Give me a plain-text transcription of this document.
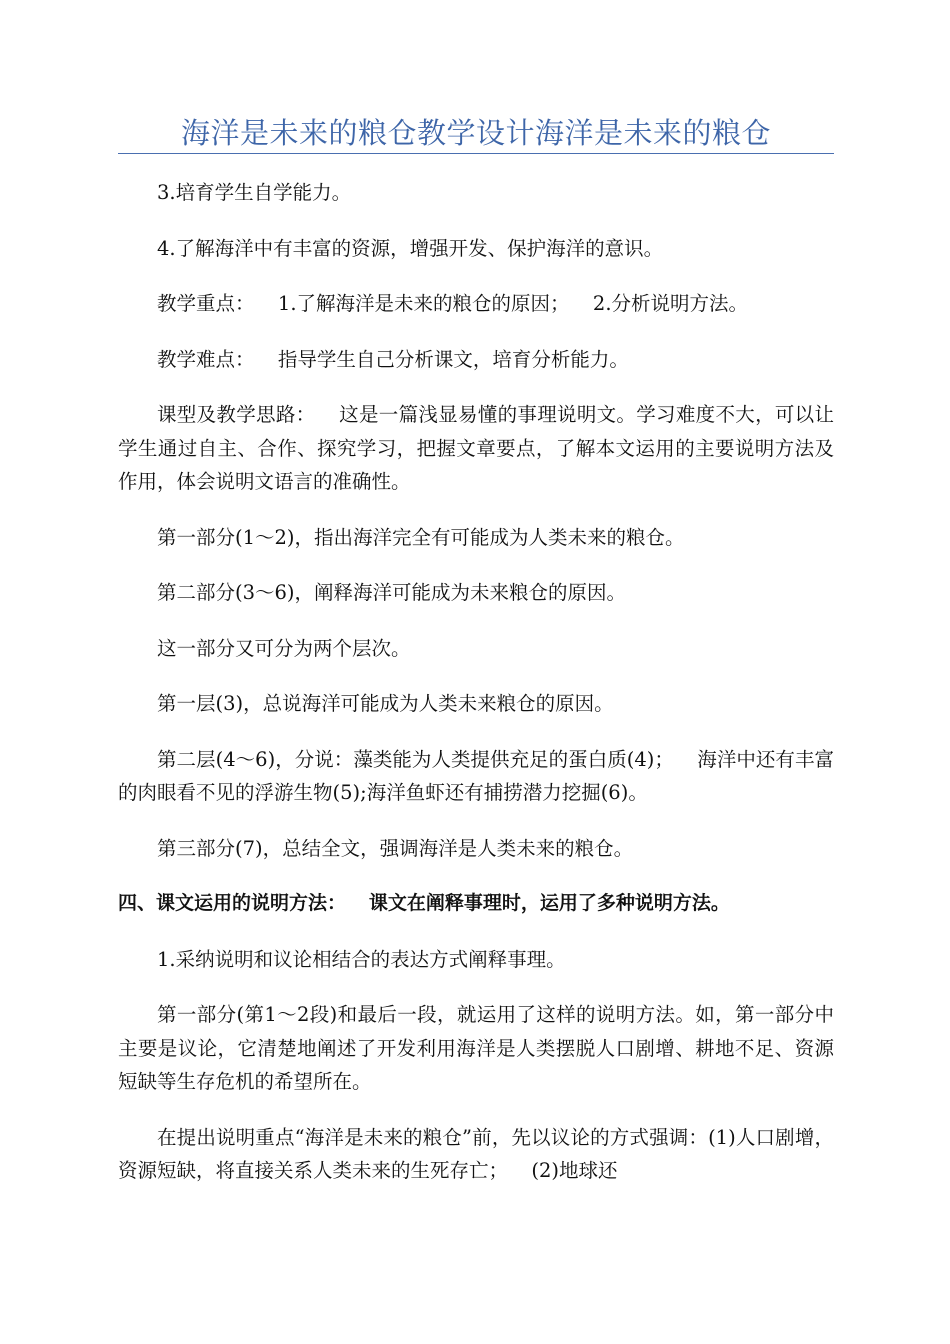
海洋是未来的粮仓教学设计海洋是未来的粮仓

3.培育学生自学能力。

4.了解海洋中有丰富的资源，增强开发、保护海洋的意识。

教学重点： 1.了解海洋是未来的粮仓的原因； 2.分析说明方法。

教学难点： 指导学生自己分析课文，培育分析能力。

课型及教学思路： 这是一篇浅显易懂的事理说明文。学习难度不大，可以让学生通过自主、合作、探究学习，把握文章要点，了解本文运用的主要说明方法及作用，体会说明文语言的准确性。

第一部分(1～2)，指出海洋完全有可能成为人类未来的粮仓。

第二部分(3～6)，阐释海洋可能成为未来粮仓的原因。

这一部分又可分为两个层次。

第一层(3)，总说海洋可能成为人类未来粮仓的原因。

第二层(4～6)，分说：藻类能为人类提供充足的蛋白质(4)； 海洋中还有丰富的肉眼看不见的浮游生物(5);海洋鱼虾还有捕捞潜力挖掘(6)。

第三部分(7)，总结全文，强调海洋是人类未来的粮仓。

四、课文运用的说明方法： 课文在阐释事理时，运用了多种说明方法。

1.采纳说明和议论相结合的表达方式阐释事理。

第一部分(第1～2段)和最后一段，就运用了这样的说明方法。如，第一部分中主要是议论，它清楚地阐述了开发利用海洋是人类摆脱人口剧增、耕地不足、资源短缺等生存危机的希望所在。

在提出说明重点“海洋是未来的粮仓”前，先以议论的方式强调：(1)人口剧增，资源短缺，将直接关系人类未来的生死存亡； (2)地球还
